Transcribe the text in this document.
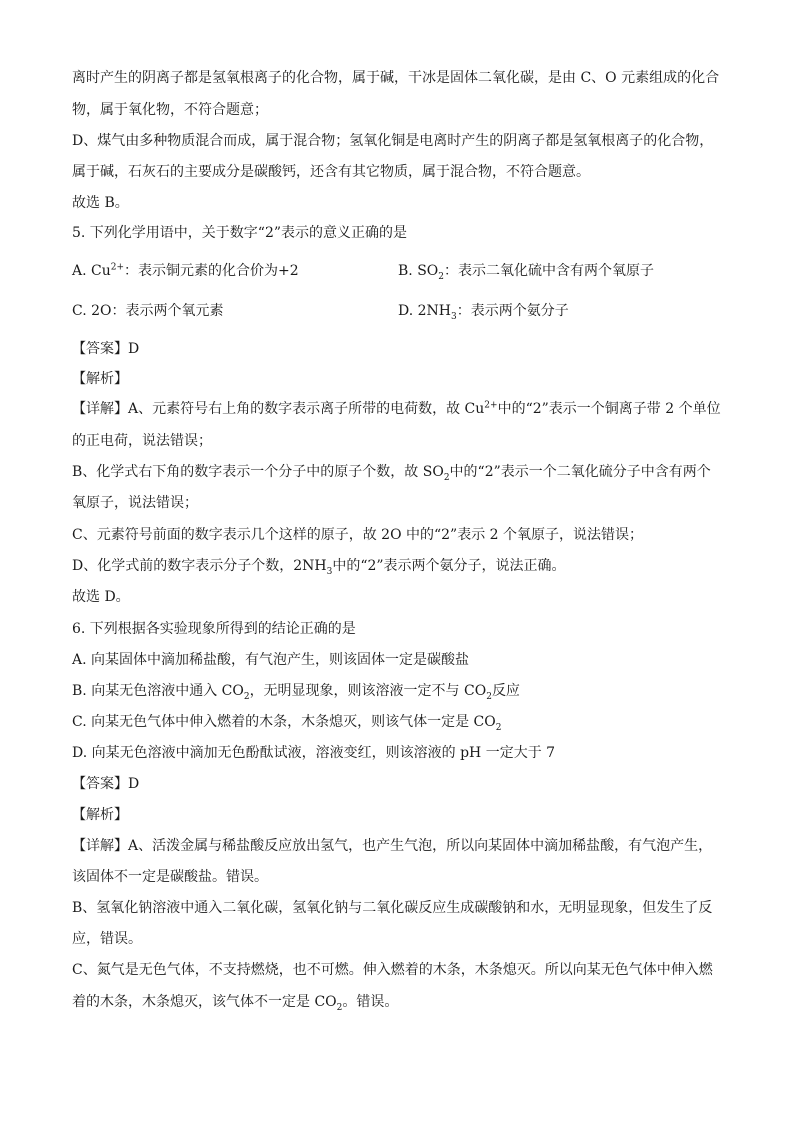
离时产生的阴离子都是氢氧根离子的化合物，属于碱，干冰是固体二氧化碳，是由 C、O 元素组成的化合
物，属于氧化物，不符合题意；
D、煤气由多种物质混合而成，属于混合物；氢氧化铜是电离时产生的阴离子都是氢氧根离子的化合物，
属于碱，石灰石的主要成分是碳酸钙，还含有其它物质，属于混合物，不符合题意。
故选 B。
5. 下列化学用语中，关于数字“2”表示的意义正确的是
A. $Cu^{2+}$：表示铜元素的化合价为+2	B. $SO_2$：表示二氧化硫中含有两个氧原子
C. 2O：表示两个氧元素	D. $2NH_3$：表示两个氨分子
【答案】D
【解析】
【详解】A、元素符号右上角的数字表示离子所带的电荷数，故 $Cu^{2+}$中的“2”表示一个铜离子带 2 个单位
的正电荷，说法错误；
B、化学式右下角的数字表示一个分子中的原子个数，故 $SO_2$中的“2”表示一个二氧化硫分子中含有两个
氧原子，说法错误；
C、元素符号前面的数字表示几个这样的原子，故 2O 中的“2”表示 2 个氧原子，说法错误；
D、化学式前的数字表示分子个数，$2NH_3$中的“2”表示两个氨分子，说法正确。
故选 D。
6. 下列根据各实验现象所得到的结论正确的是
A. 向某固体中滴加稀盐酸，有气泡产生，则该固体一定是碳酸盐
B. 向某无色溶液中通入 $CO_2$，无明显现象，则该溶液一定不与 $CO_2$反应
C. 向某无色气体中伸入燃着的木条，木条熄灭，则该气体一定是 $CO_2$
D. 向某无色溶液中滴加无色酚酞试液，溶液变红，则该溶液的 pH 一定大于 7
【答案】D
【解析】
【详解】A、活泼金属与稀盐酸反应放出氢气，也产生气泡，所以向某固体中滴加稀盐酸，有气泡产生，
该固体不一定是碳酸盐。错误。
B、氢氧化钠溶液中通入二氧化碳，氢氧化钠与二氧化碳反应生成碳酸钠和水，无明显现象，但发生了反
应，错误。
C、氮气是无色气体，不支持燃烧，也不可燃。伸入燃着的木条，木条熄灭。所以向某无色气体中伸入燃
着的木条，木条熄灭，该气体不一定是 $CO_2$。错误。
